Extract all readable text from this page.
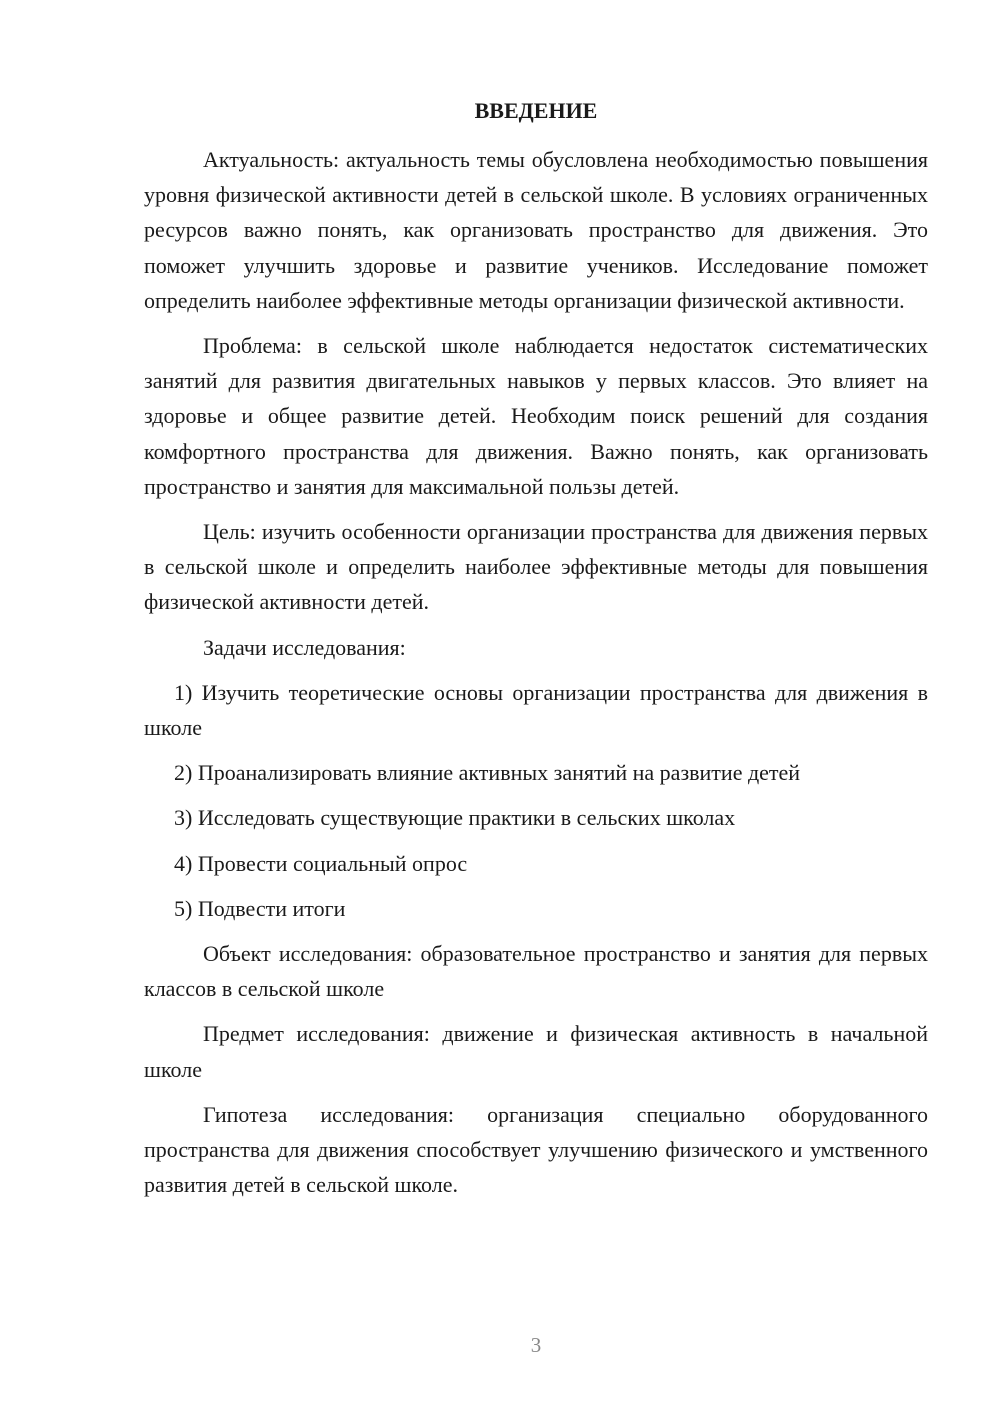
ВВЕДЕНИЕ

Актуальность: актуальность темы обусловлена необходимостью повышения уровня физической активности детей в сельской школе. В условиях ограниченных ресурсов важно понять, как организовать пространство для движения. Это поможет улучшить здоровье и развитие учеников. Исследование поможет определить наиболее эффективные методы организации физической активности.

Проблема: в сельской школе наблюдается недостаток систематических занятий для развития двигательных навыков у первых классов. Это влияет на здоровье и общее развитие детей. Необходим поиск решений для создания комфортного пространства для движения. Важно понять, как организовать пространство и занятия для максимальной пользы детей.

Цель: изучить особенности организации пространства для движения первых в сельской школе и определить наиболее эффективные методы для повышения физической активности детей.

Задачи исследования:

1) Изучить теоретические основы организации пространства для движения в школе

2) Проанализировать влияние активных занятий на развитие детей

3) Исследовать существующие практики в сельских школах

4) Провести социальный опрос

5) Подвести итоги

Объект исследования: образовательное пространство и занятия для первых классов в сельской школе

Предмет исследования: движение и физическая активность в начальной школе

Гипотеза исследования: организация специально оборудованного пространства для движения способствует улучшению физического и умственного развития детей в сельской школе.

3
